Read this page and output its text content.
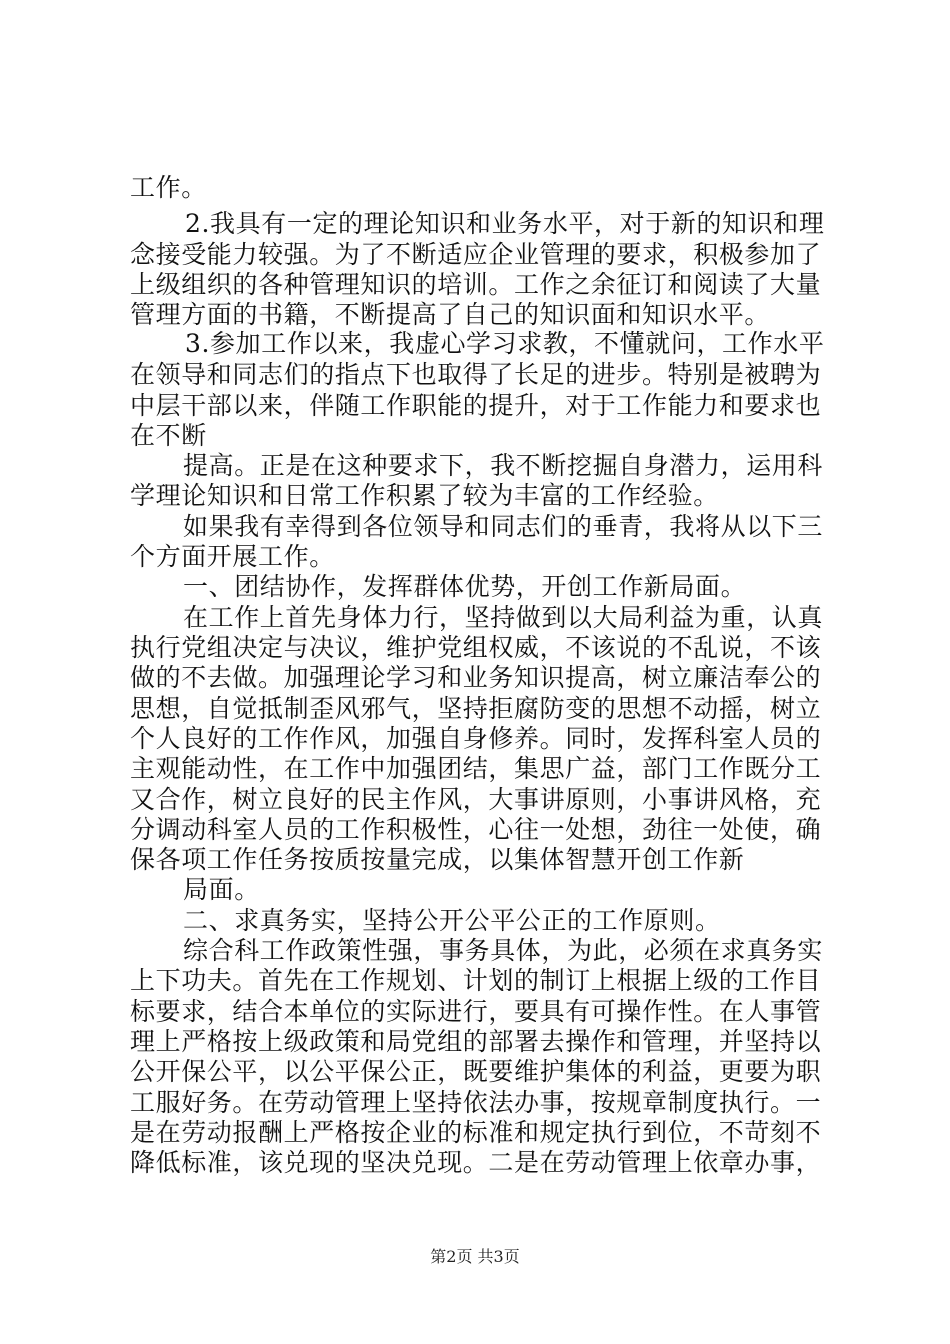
工作。
2.我具有一定的理论知识和业务水平，对于新的知识和理
念接受能力较强。为了不断适应企业管理的要求，积极参加了
上级组织的各种管理知识的培训。工作之余征订和阅读了大量
管理方面的书籍，不断提高了自己的知识面和知识水平。
3.参加工作以来，我虚心学习求教，不懂就问，工作水平
在领导和同志们的指点下也取得了长足的进步。特别是被聘为
中层干部以来，伴随工作职能的提升，对于工作能力和要求也
在不断
提高。正是在这种要求下，我不断挖掘自身潜力，运用科
学理论知识和日常工作积累了较为丰富的工作经验。
如果我有幸得到各位领导和同志们的垂青，我将从以下三
个方面开展工作。
一、团结协作，发挥群体优势，开创工作新局面。
在工作上首先身体力行，坚持做到以大局利益为重，认真
执行党组决定与决议，维护党组权威，不该说的不乱说，不该
做的不去做。加强理论学习和业务知识提高，树立廉洁奉公的
思想，自觉抵制歪风邪气，坚持拒腐防变的思想不动摇，树立
个人良好的工作作风，加强自身修养。同时，发挥科室人员的
主观能动性，在工作中加强团结，集思广益，部门工作既分工
又合作，树立良好的民主作风，大事讲原则，小事讲风格，充
分调动科室人员的工作积极性，心往一处想，劲往一处使，确
保各项工作任务按质按量完成，以集体智慧开创工作新
局面。
二、求真务实，坚持公开公平公正的工作原则。
综合科工作政策性强，事务具体，为此，必须在求真务实
上下功夫。首先在工作规划、计划的制订上根据上级的工作目
标要求，结合本单位的实际进行，要具有可操作性。在人事管
理上严格按上级政策和局党组的部署去操作和管理，并坚持以
公开保公平，以公平保公正，既要维护集体的利益，更要为职
工服好务。在劳动管理上坚持依法办事，按规章制度执行。一
是在劳动报酬上严格按企业的标准和规定执行到位，不苛刻不
降低标准，该兑现的坚决兑现。二是在劳动管理上依章办事，
第2页 共3页
